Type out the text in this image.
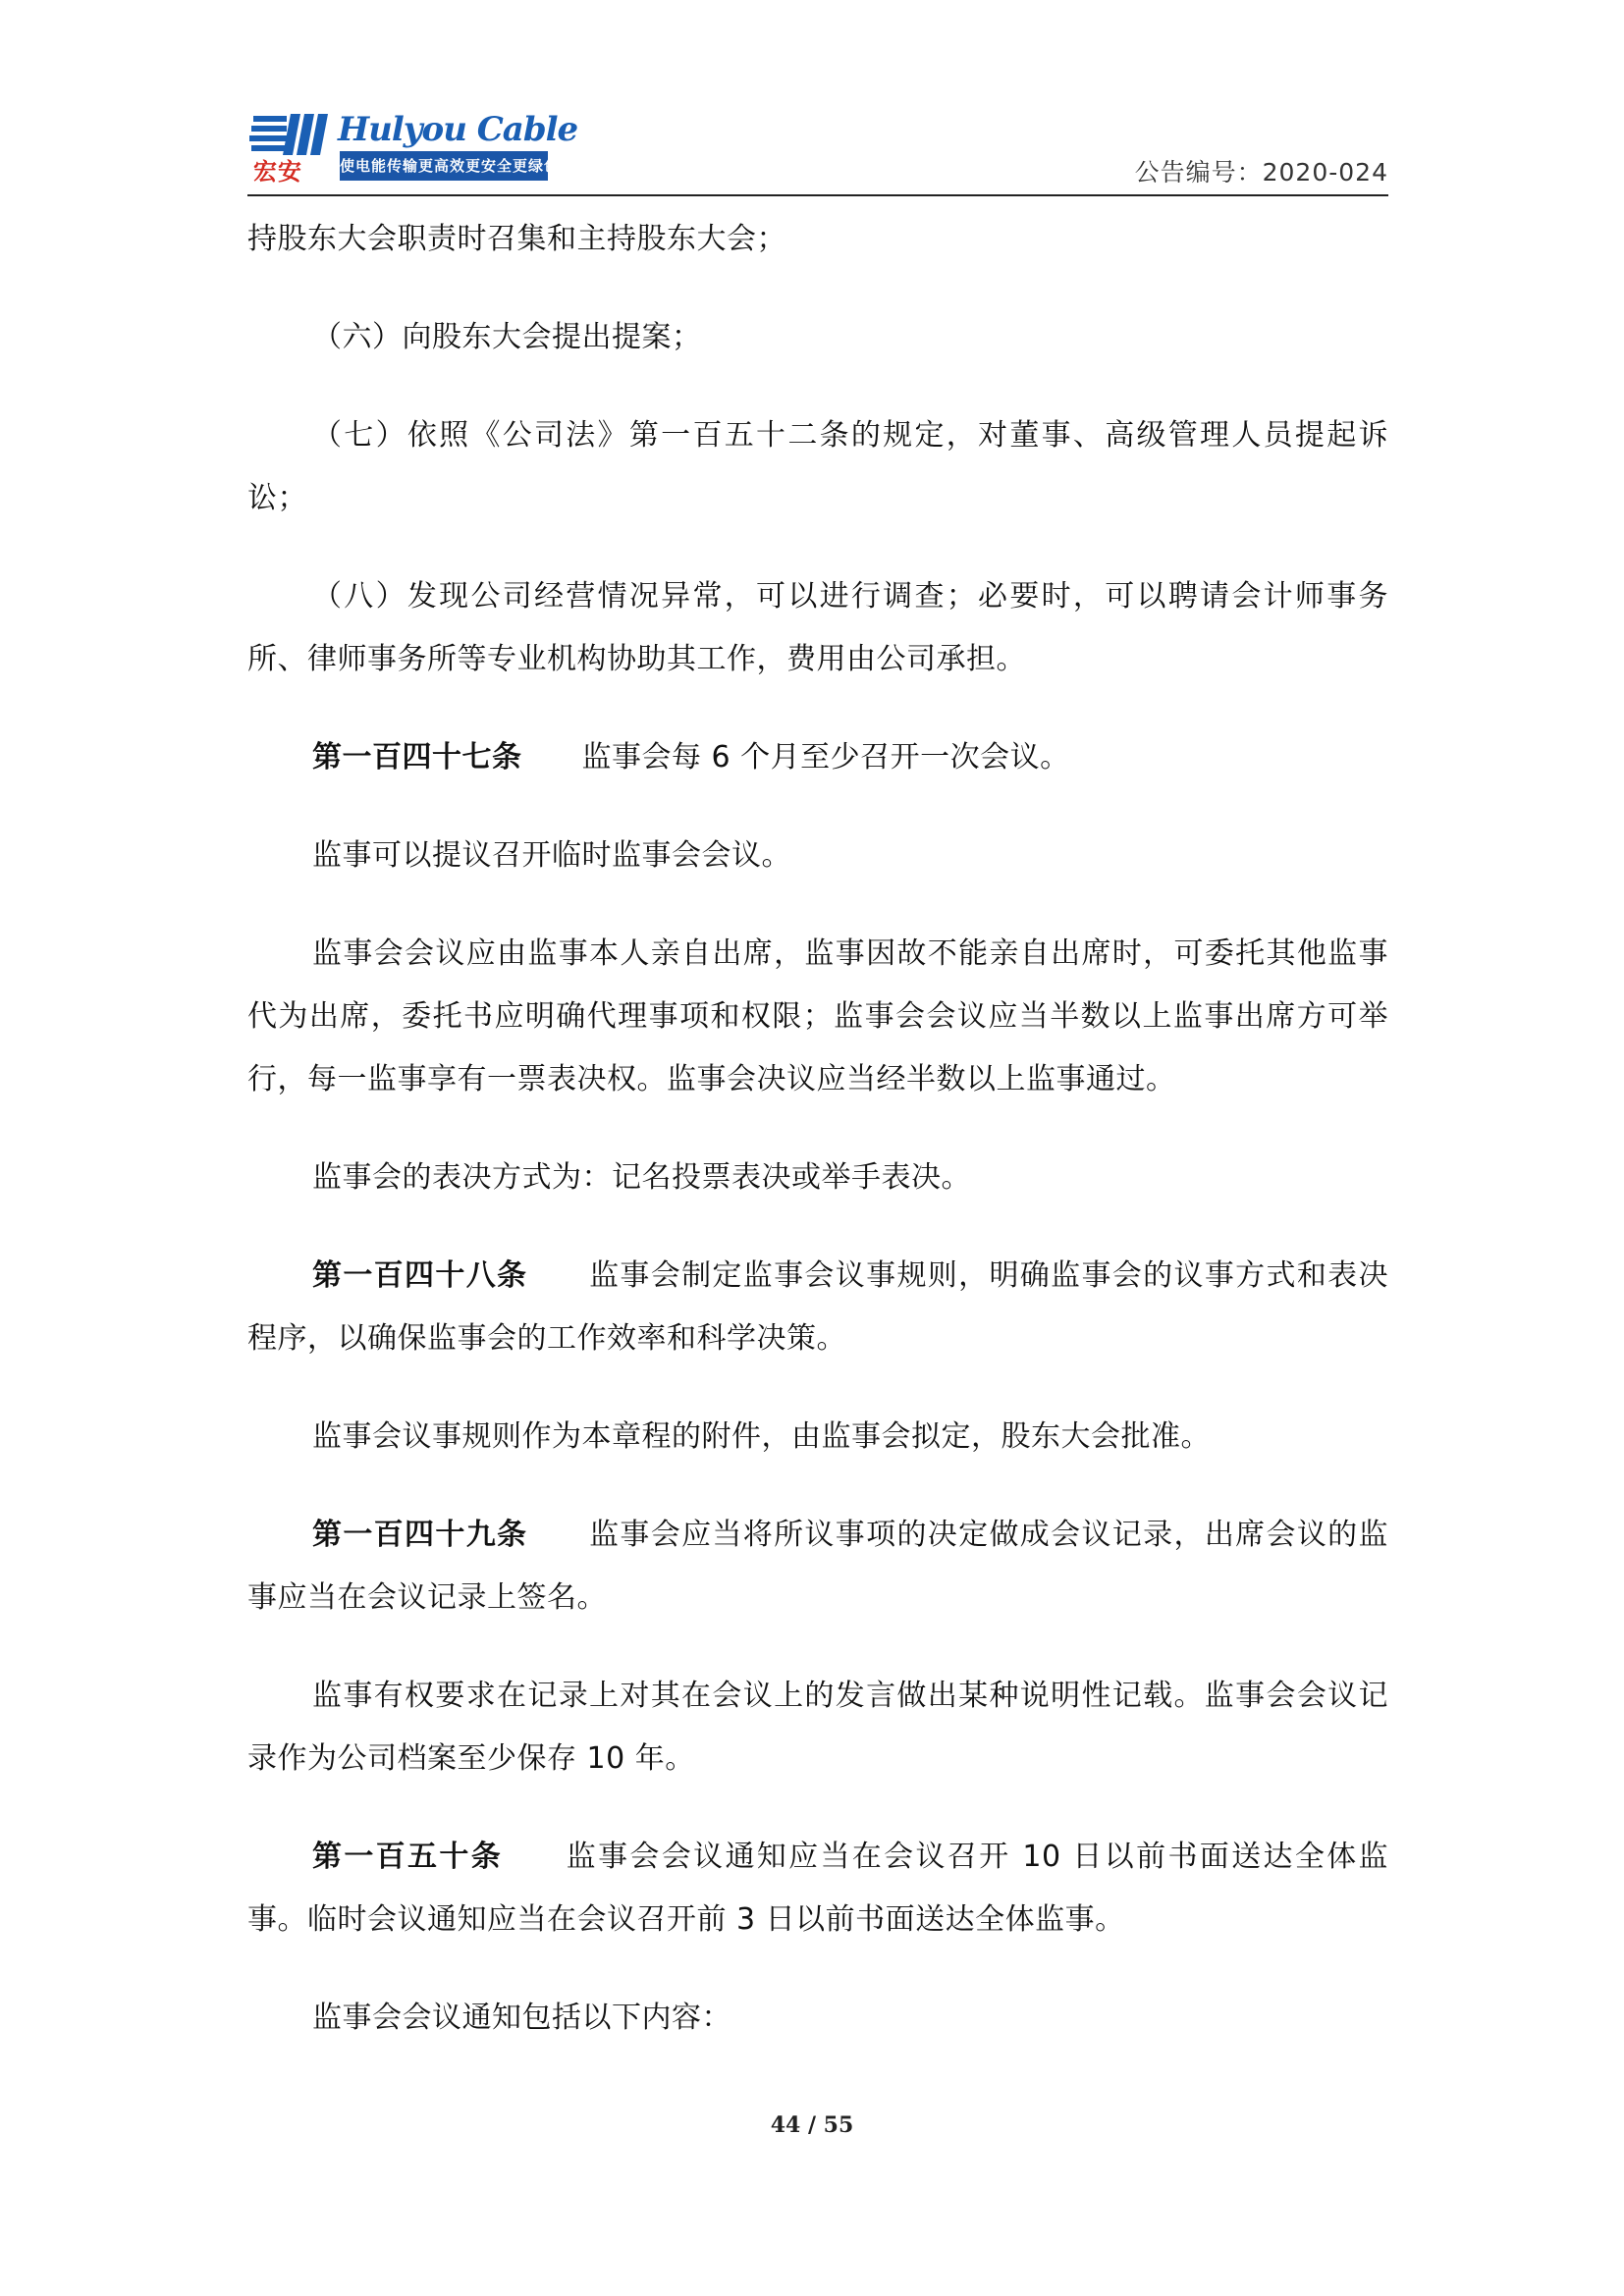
宏安
Hulyou Cable
使电能传输更高效更安全更绿色	公告编号：2020-024

持股东大会职责时召集和主持股东大会；

（六）向股东大会提出提案；

（七）依照《公司法》第一百五十二条的规定，对董事、高级管理人员提起诉讼；

（八）发现公司经营情况异常，可以进行调查；必要时，可以聘请会计师事务所、律师事务所等专业机构协助其工作，费用由公司承担。

第一百四十七条　　 监事会每 6 个月至少召开一次会议。

监事可以提议召开临时监事会会议。

监事会会议应由监事本人亲自出席，监事因故不能亲自出席时，可委托其他监事代为出席，委托书应明确代理事项和权限；监事会会议应当半数以上监事出席方可举行，每一监事享有一票表决权。监事会决议应当经半数以上监事通过。

监事会的表决方式为：记名投票表决或举手表决。

第一百四十八条　　 监事会制定监事会议事规则，明确监事会的议事方式和表决程序，以确保监事会的工作效率和科学决策。

监事会议事规则作为本章程的附件，由监事会拟定，股东大会批准。

第一百四十九条　　 监事会应当将所议事项的决定做成会议记录，出席会议的监事应当在会议记录上签名。

监事有权要求在记录上对其在会议上的发言做出某种说明性记载。监事会会议记录作为公司档案至少保存 10 年。

第一百五十条　　 监事会会议通知应当在会议召开 10 日以前书面送达全体监事。临时会议通知应当在会议召开前 3 日以前书面送达全体监事。

监事会会议通知包括以下内容：

44 / 55
